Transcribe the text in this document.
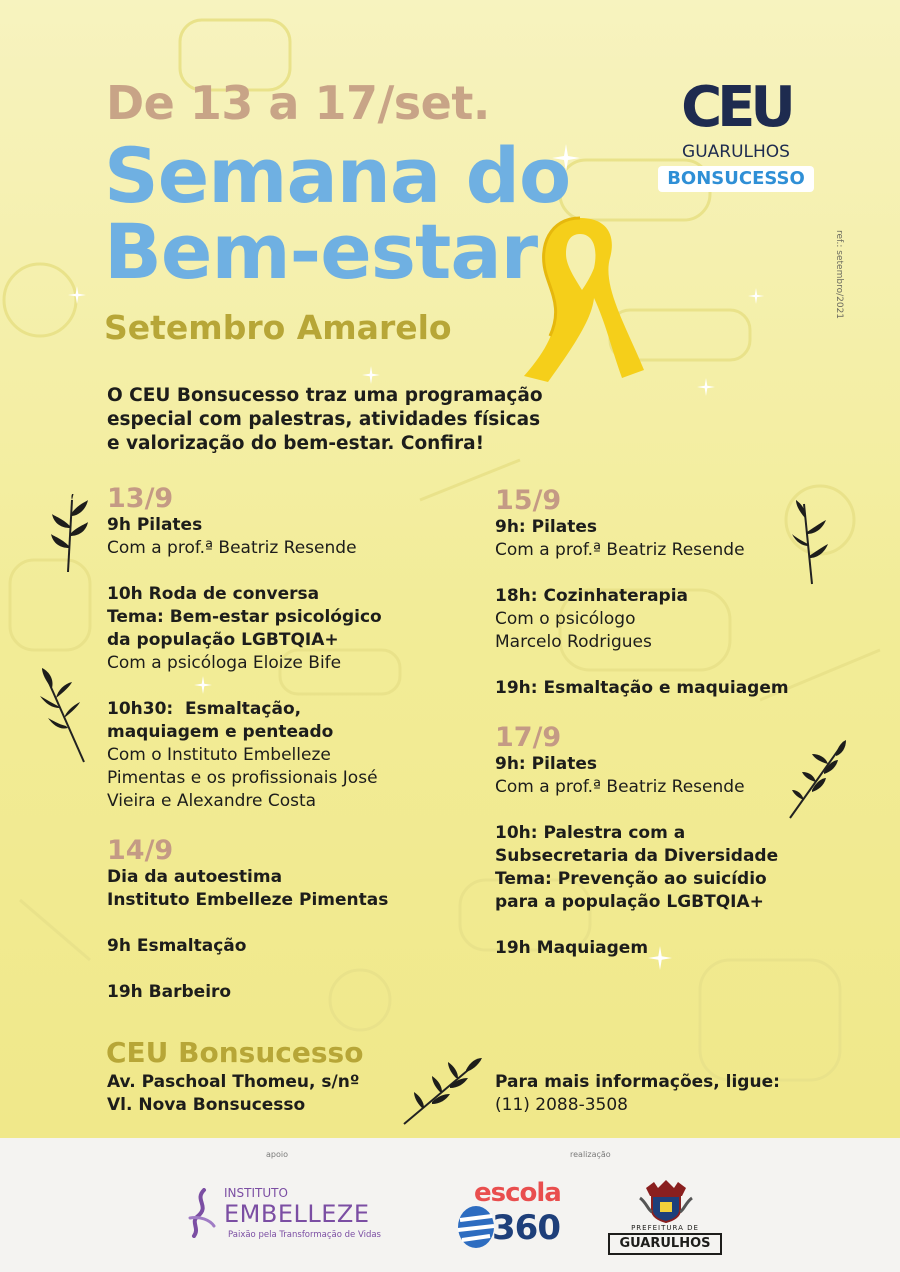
De 13 a 17/set.
Semana do
Bem-estar
Setembro Amarelo
CEU
GUARULHOS
BONSUCESSO
ref.: setembro/2021
O CEU Bonsucesso traz uma programação
especial com palestras, atividades físicas
e valorização do bem-estar. Confira!
13/9

9h Pilates

Com a prof.ª Beatriz Resende

10h Roda de conversa

Tema: Bem-estar psicológico

da população LGBTQIA+

Com a psicóloga Eloize Bife

10h30:  Esmaltação,

maquiagem e penteado

Com o Instituto Embelleze

Pimentas e os profissionais José

Vieira e Alexandre Costa

14/9

Dia da autoestima

Instituto Embelleze Pimentas

9h Esmaltação

19h Barbeiro

15/9

9h: Pilates

Com a prof.ª Beatriz Resende

18h: Cozinhaterapia

Com o psicólogo

Marcelo Rodrigues

19h: Esmaltação e maquiagem

17/9

9h: Pilates

Com a prof.ª Beatriz Resende

10h: Palestra com a

Subsecretaria da Diversidade

Tema: Prevenção ao suicídio

para a população LGBTQIA+

19h Maquiagem

CEU Bonsucesso
Av. Paschoal Thomeu, s/nº
Vl. Nova Bonsucesso
Para mais informações, ligue:
(11) 2088-3508
apoio	realização
INSTITUTO
EMBELLEZE
Paixão pela Transformação de Vidas
escola
360	PREFEITURA DE
GUARULHOS
